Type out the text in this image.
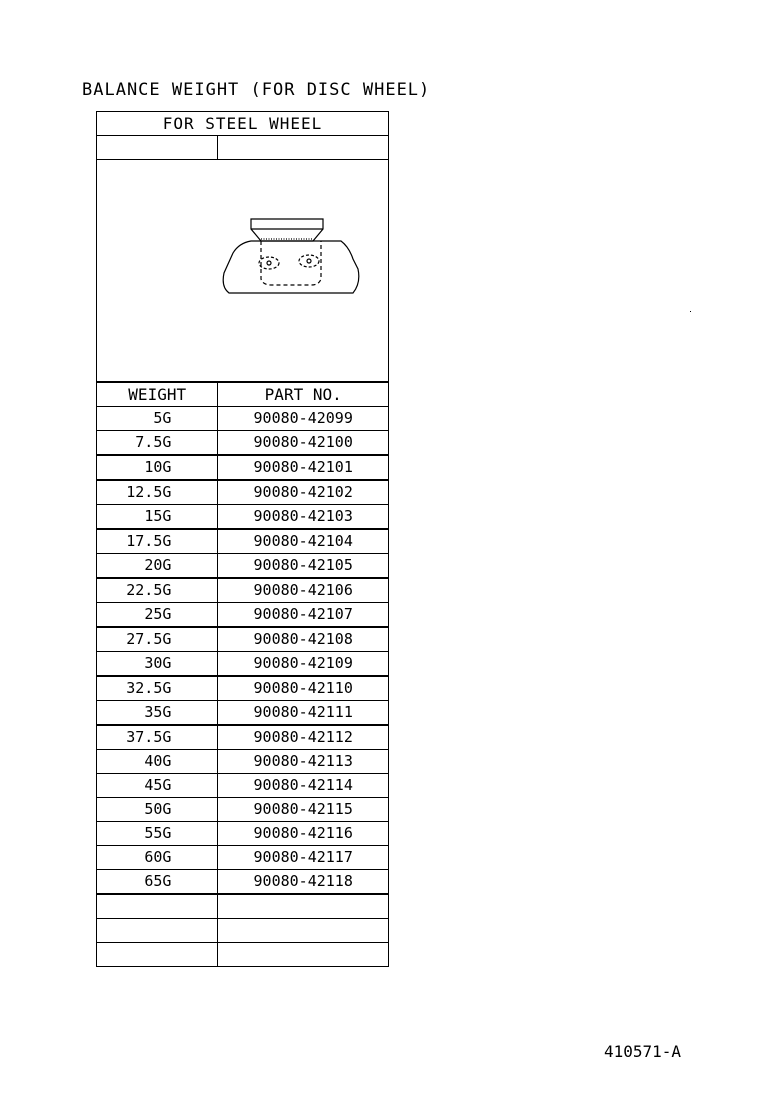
BALANCE WEIGHT (FOR DISC WHEEL)
FOR STEEL WHEEL	

WEIGHT	PART NO.
5G	90080-42099
7.5G	90080-42100
10G	90080-42101
12.5G	90080-42102
15G	90080-42103
17.5G	90080-42104
20G	90080-42105
22.5G	90080-42106
25G	90080-42107
27.5G	90080-42108
30G	90080-42109
32.5G	90080-42110
35G	90080-42111
37.5G	90080-42112
40G	90080-42113
45G	90080-42114
50G	90080-42115
55G	90080-42116
60G	90080-42117
65G	90080-42118

410571-A
